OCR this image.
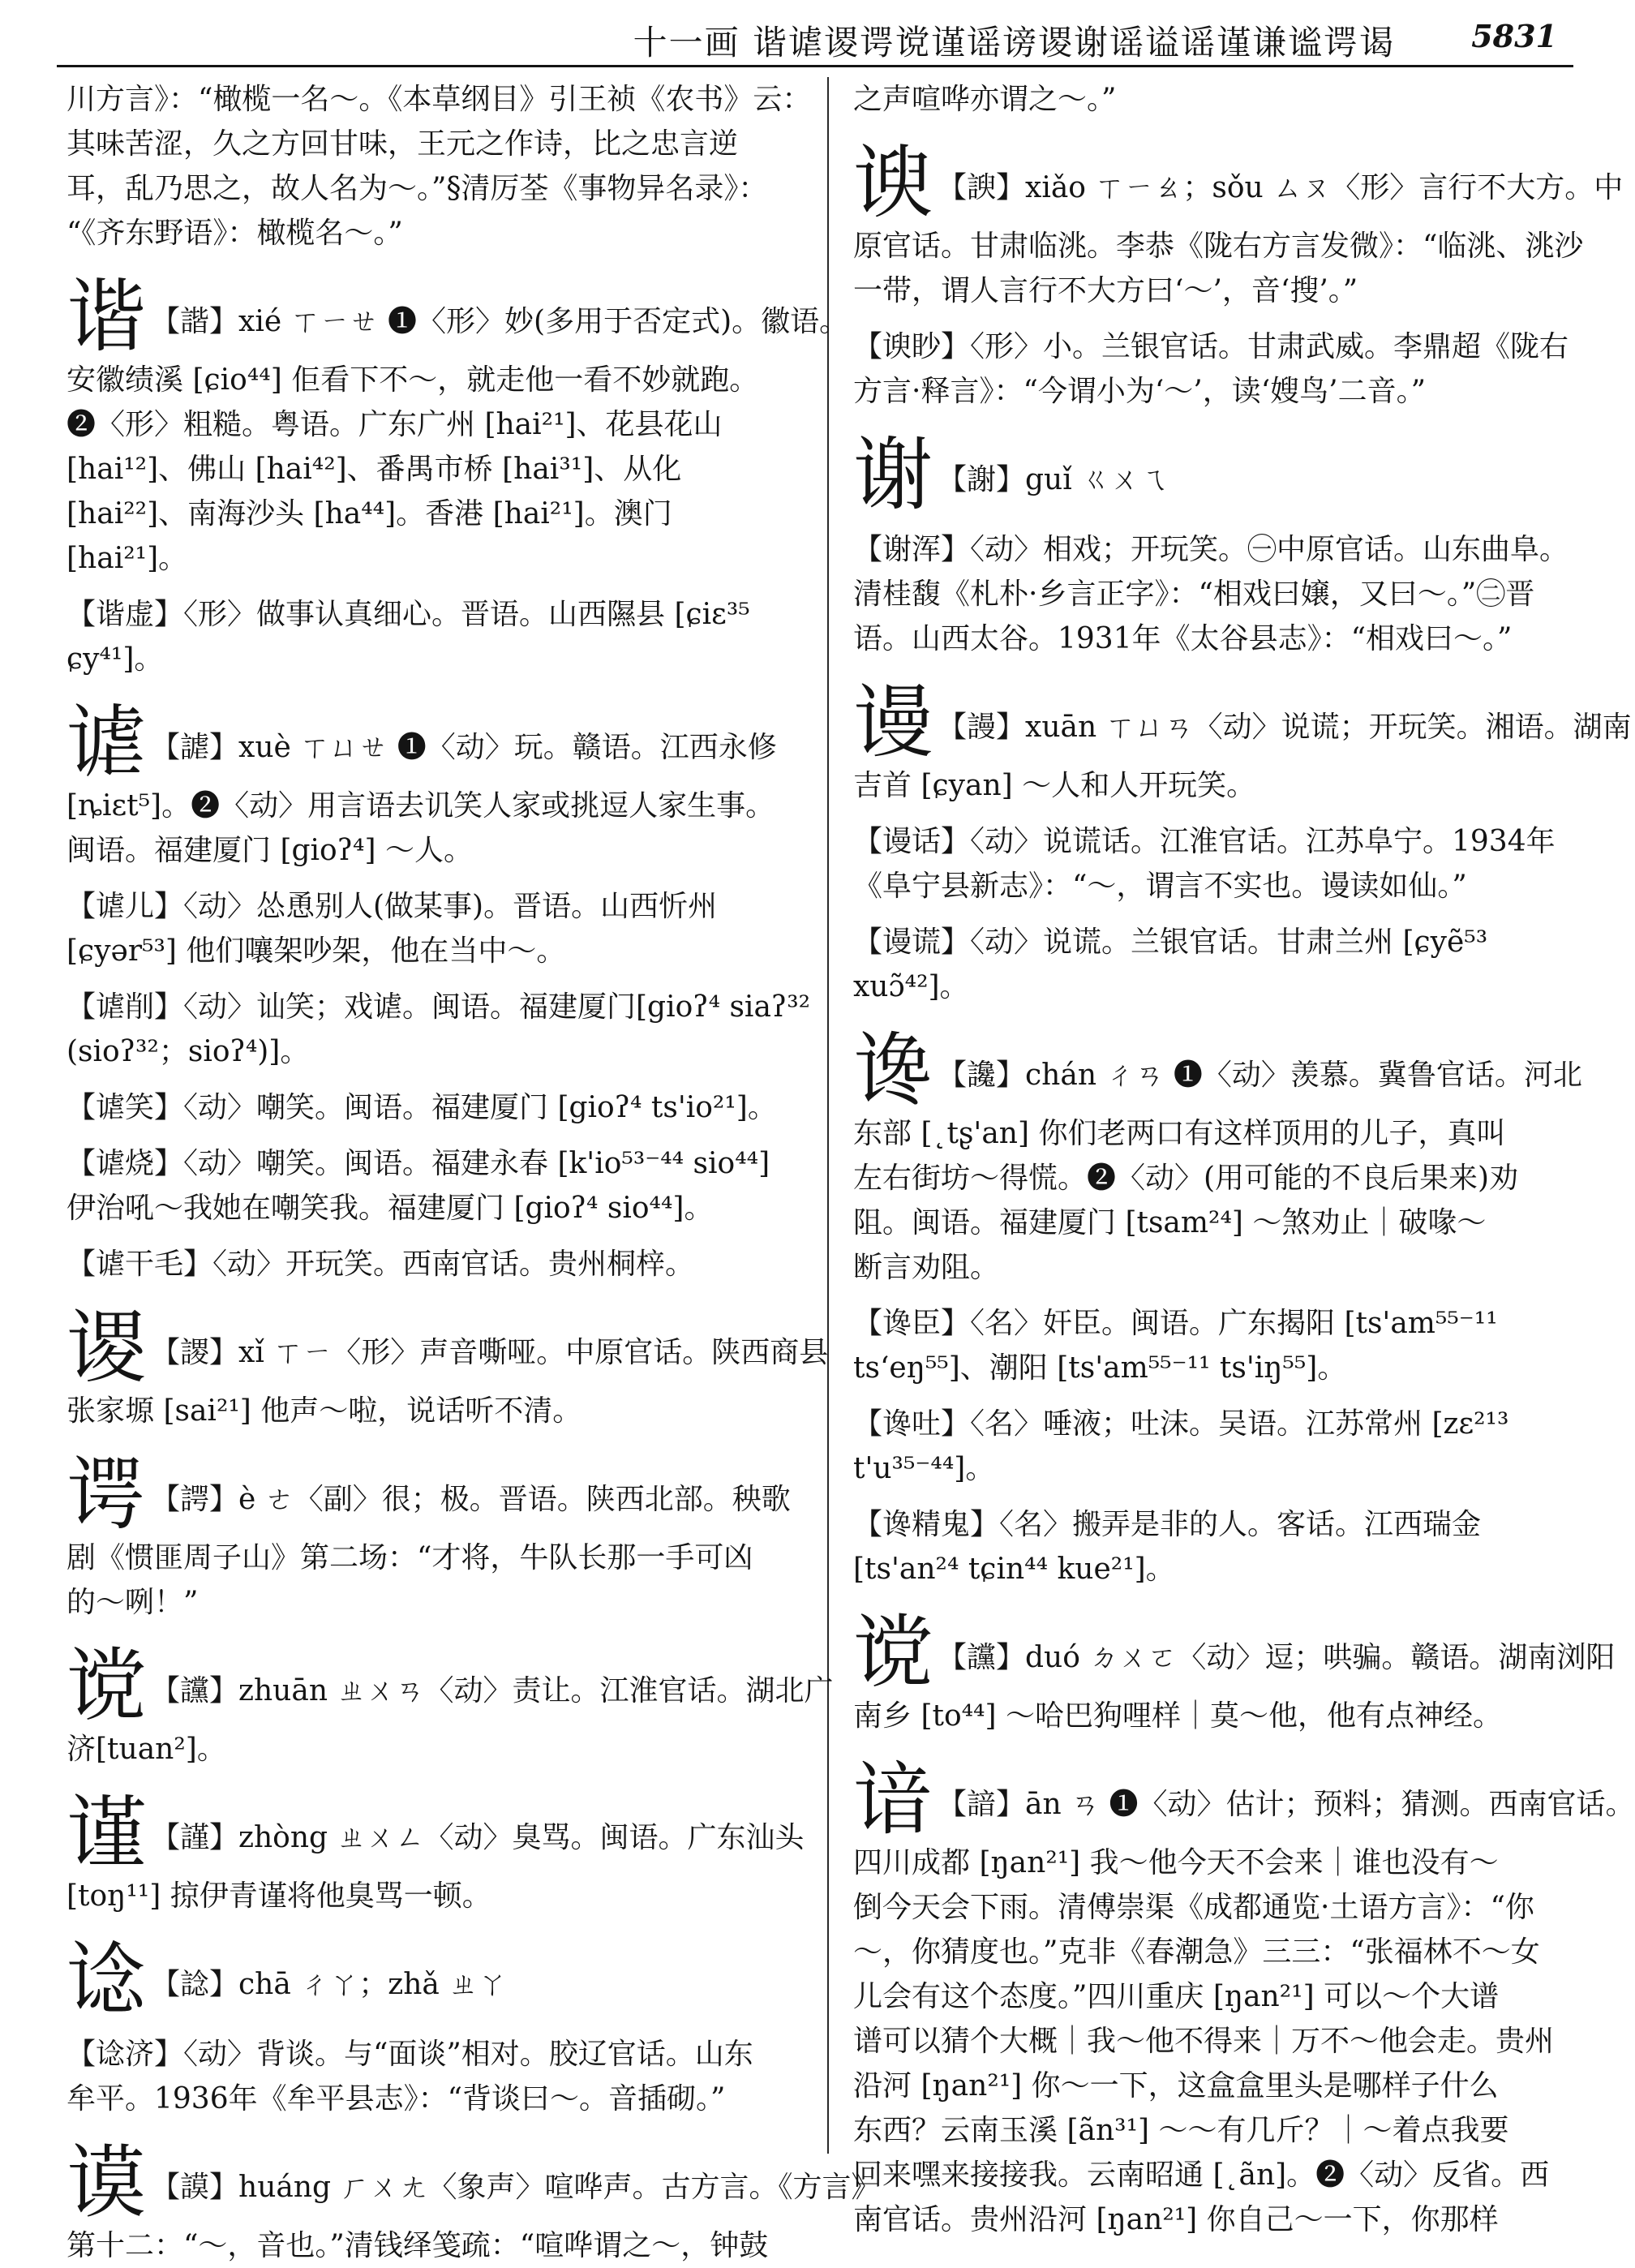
十一画 谐谑谡谔谠谨谣谤谡谢谣谥谣谨谦谧谔谒 5831
川方言》：“橄榄一名～。《本草纲目》引王祯《农书》云：
其味苦涩，久之方回甘味，王元之作诗，比之忠言逆
耳，乱乃思之，故人名为～。”§清厉荃《事物异名录》：
“《齐东野语》：橄榄名～。”
谐 【諧】xié ㄒㄧㄝ ❶〈形〉妙(多用于否定式)。徽语。
安徽绩溪 [ɕio⁴⁴] 佢看下不～，就走他一看不妙就跑。
❷〈形〉粗糙。粤语。广东广州 [hai²¹]、花县花山
[hai¹²]、佛山 [hai⁴²]、番禺市桥 [hai³¹]、从化
[hai²²]、南海沙头 [ha⁴⁴]。香港 [hai²¹]。澳门
[hai²¹]。
【谐虚】〈形〉做事认真细心。晋语。山西隰县 [ɕiɛ³⁵
ɕy⁴¹]。
谑 【謔】xuè ㄒㄩㄝ ❶〈动〉玩。赣语。江西永修
[ȵiɛt⁵]。❷〈动〉用言语去讥笑人家或挑逗人家生事。
闽语。福建厦门 [gioʔ⁴] ～人。
【谑儿】〈动〉怂恿别人(做某事)。晋语。山西忻州
[ɕyər⁵³] 他们嚷架吵架，他在当中～。
【谑削】〈动〉讪笑；戏谑。闽语。福建厦门[gioʔ⁴ siaʔ³²
(sioʔ³²；sioʔ⁴)]。
【谑笑】〈动〉嘲笑。闽语。福建厦门 [gioʔ⁴ ts'io²¹]。
【谑烧】〈动〉嘲笑。闽语。福建永春 [k'io⁵³⁻⁴⁴ sio⁴⁴]
伊治吼～我她在嘲笑我。福建厦门 [gioʔ⁴ sio⁴⁴]。
【谑干毛】〈动〉开玩笑。西南官话。贵州桐梓。
谡 【謖】xǐ ㄒㄧ〈形〉声音嘶哑。中原官话。陕西商县
张家塬 [sai²¹] 他声～啦，说话听不清。
谔 【諤】è ㄜ〈副〉很；极。晋语。陕西北部。秧歌
剧《惯匪周子山》第二场：“才将，牛队长那一手可凶
的～咧！”
谠 【讜】zhuān ㄓㄨㄢ〈动〉责让。江淮官话。湖北广
济[tuan²]。
谨 【謹】zhòng ㄓㄨㄥ〈动〉臭骂。闽语。广东汕头
[toŋ¹¹] 掠伊青谨将他臭骂一顿。
谂 【諗】chā ㄔㄚ；zhǎ ㄓㄚ
【谂济】〈动〉背谈。与“面谈”相对。胶辽官话。山东
牟平。1936年《牟平县志》：“背谈曰～。音插砌。”
谟 【謨】huáng ㄏㄨㄤ〈象声〉喧哗声。古方言。《方言》
第十二：“～，音也。”清钱绎笺疏：“喧哗谓之～，钟鼓
之声喧哗亦谓之～。”
谀 【諛】xiǎo ㄒㄧㄠ；sǒu ㄙㄡ〈形〉言行不大方。中
原官话。甘肃临洮。李恭《陇右方言发微》：“临洮、洮沙
一带，谓人言行不大方曰‘～’，音‘搜’。”
【谀眇】〈形〉小。兰银官话。甘肃武威。李鼎超《陇右
方言·释言》：“今谓小为‘～’，读‘嫂鸟’二音。”
谢 【謝】guǐ ㄍㄨㄟ
【谢浑】〈动〉相戏；开玩笑。㊀中原官话。山东曲阜。
清桂馥《札朴·乡言正字》：“相戏曰嬢，又曰～。”㊁晋
语。山西太谷。1931年《太谷县志》：“相戏曰～。”
谩 【謾】xuān ㄒㄩㄢ〈动〉说谎；开玩笑。湘语。湖南
吉首 [ɕyan] ～人和人开玩笑。
【谩话】〈动〉说谎话。江淮官话。江苏阜宁。1934年
《阜宁县新志》：“～，谓言不实也。谩读如仙。”
【谩谎】〈动〉说谎。兰银官话。甘肃兰州 [ɕyẽ⁵³
xuɔ̃⁴²]。
谗 【讒】chán ㄔㄢ ❶〈动〉羡慕。冀鲁官话。河北
东部 [˛tʂ'an] 你们老两口有这样顶用的儿子，真叫
左右街坊～得慌。❷〈动〉(用可能的不良后果来)劝
阻。闽语。福建厦门 [tsam²⁴] ～煞劝止｜破喙～
断言劝阻。
【谗臣】〈名〉奸臣。闽语。广东揭阳 [ts'am⁵⁵⁻¹¹
tsʻeŋ⁵⁵]、潮阳 [ts'am⁵⁵⁻¹¹ ts'iŋ⁵⁵]。
【谗吐】〈名〉唾液；吐沫。吴语。江苏常州 [zɛ²¹³
t'u³⁵⁻⁴⁴]。
【谗精鬼】〈名〉搬弄是非的人。客话。江西瑞金
[ts'an²⁴ tɕin⁴⁴ kue²¹]。
谠 【讜】duó ㄉㄨㄛ〈动〉逗；哄骗。赣语。湖南浏阳
南乡 [to⁴⁴] ～哈巴狗哩样｜莫～他，他有点神经。
谙 【諳】ān ㄢ ❶〈动〉估计；预料；猜测。西南官话。
四川成都 [ŋan²¹] 我～他今天不会来｜谁也没有～
倒今天会下雨。清傅崇渠《成都通览·土语方言》：“你
～，你猜度也。”克非《春潮急》三三：“张福林不～女
儿会有这个态度。”四川重庆 [ŋan²¹] 可以～个大谱
谱可以猜个大概｜我～他不得来｜万不～他会走。贵州
沿河 [ŋan²¹] 你～一下，这盒盒里头是哪样子什么
东西？云南玉溪 [ãn³¹] ～～有几斤？｜～着点我要
回来嘿来接接我。云南昭通 [˛ãn]。❷〈动〉反省。西
南官话。贵州沿河 [ŋan²¹] 你自己～一下，你那样
